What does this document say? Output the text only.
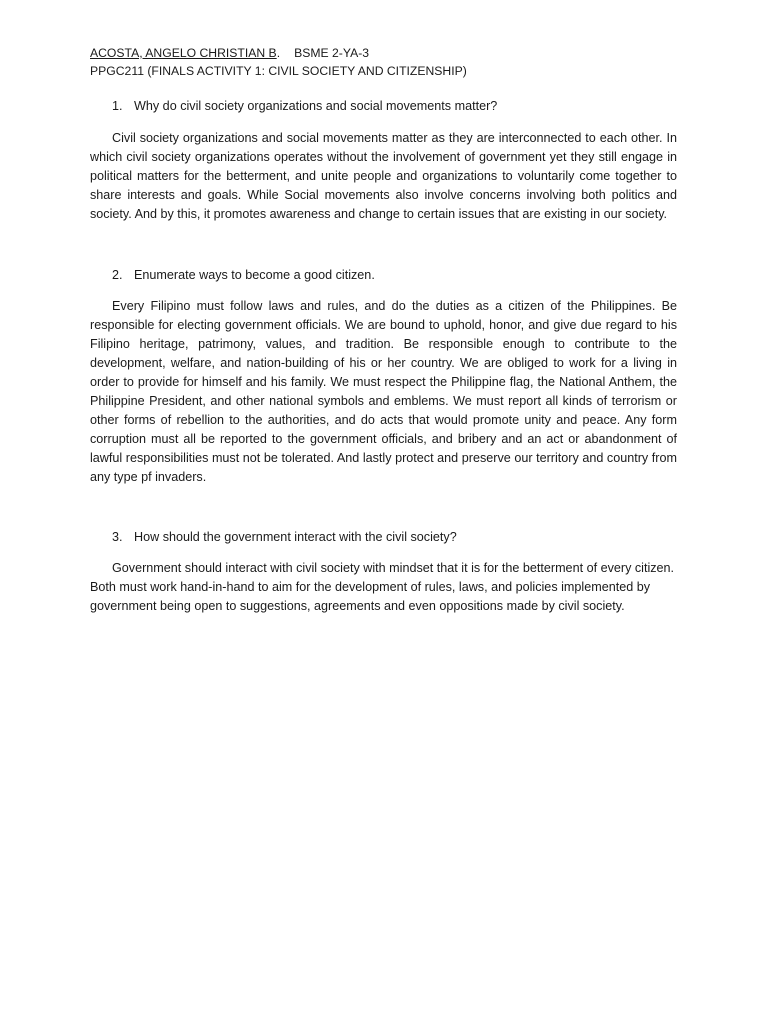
ACOSTA, ANGELO CHRISTIAN B. BSME 2-YA-3
PPGC211 (FINALS ACTIVITY 1: CIVIL SOCIETY AND CITIZENSHIP)

1. Why do civil society organizations and social movements matter?

Civil society organizations and social movements matter as they are interconnected to each other. In which civil society organizations operates without the involvement of government yet they still engage in political matters for the betterment, and unite people and organizations to voluntarily come together to share interests and goals. While Social movements also involve concerns involving both politics and society. And by this, it promotes awareness and change to certain issues that are existing in our society.

2. Enumerate ways to become a good citizen.

Every Filipino must follow laws and rules, and do the duties as a citizen of the Philippines. Be responsible for electing government officials. We are bound to uphold, honor, and give due regard to his Filipino heritage, patrimony, values, and tradition. Be responsible enough to contribute to the development, welfare, and nation-building of his or her country. We are obliged to work for a living in order to provide for himself and his family. We must respect the Philippine flag, the National Anthem, the Philippine President, and other national symbols and emblems. We must report all kinds of terrorism or other forms of rebellion to the authorities, and do acts that would promote unity and peace. Any form corruption must all be reported to the government officials, and bribery and an act or abandonment of lawful responsibilities must not be tolerated. And lastly protect and preserve our territory and country from any type pf invaders.

3. How should the government interact with the civil society?

Government should interact with civil society with mindset that it is for the betterment of every citizen. Both must work hand-in-hand to aim for the development of rules, laws, and policies implemented by government being open to suggestions, agreements and even oppositions made by civil society.
